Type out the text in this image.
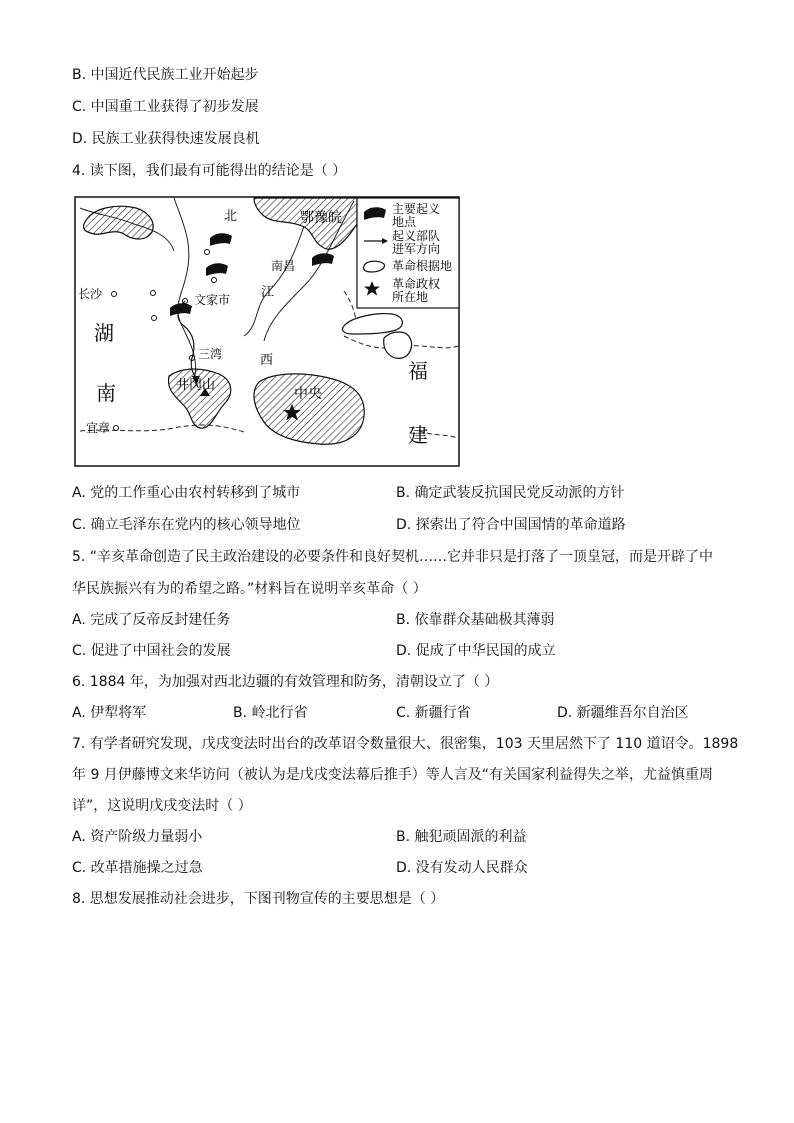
B. 中国近代民族工业开始起步
C. 中国重工业获得了初步发展
D. 民族工业获得快速发展良机
4. 读下图，我们最有可能得出的结论是（ ）
主要起义
地点
起义部队
进军方向
革命根据地
革命政权
所在地
北	鄂豫皖
南昌
江
长沙	文家市
湖
三湾	西
井冈山
中央
南
福
建
宜章
A. 党的工作重心由农村转移到了城市	B. 确定武装反抗国民党反动派的方针
C. 确立毛泽东在党内的核心领导地位	D. 探索出了符合中国国情的革命道路
5. “辛亥革命创造了民主政治建设的必要条件和良好契机……它并非只是打落了一顶皇冠，而是开辟了中
华民族振兴有为的希望之路。”材料旨在说明辛亥革命（ ）
A. 完成了反帝反封建任务	B. 依靠群众基础极其薄弱
C. 促进了中国社会的发展	D. 促成了中华民国的成立
6. 1884 年，为加强对西北边疆的有效管理和防务，清朝设立了（ ）
A. 伊犁将军	B. 岭北行省	C. 新疆行省	D. 新疆维吾尔自治区
7. 有学者研究发现，戊戌变法时出台的改革诏令数量很大、很密集，103 天里居然下了 110 道诏令。1898
年 9 月伊藤博文来华访问（被认为是戊戌变法幕后推手）等人言及“有关国家利益得失之举，尤益慎重周
详”，这说明戊戌变法时（ ）
A. 资产阶级力量弱小	B. 触犯顽固派的利益
C. 改革措施操之过急	D. 没有发动人民群众
8. 思想发展推动社会进步，下图刊物宣传的主要思想是（ ）
